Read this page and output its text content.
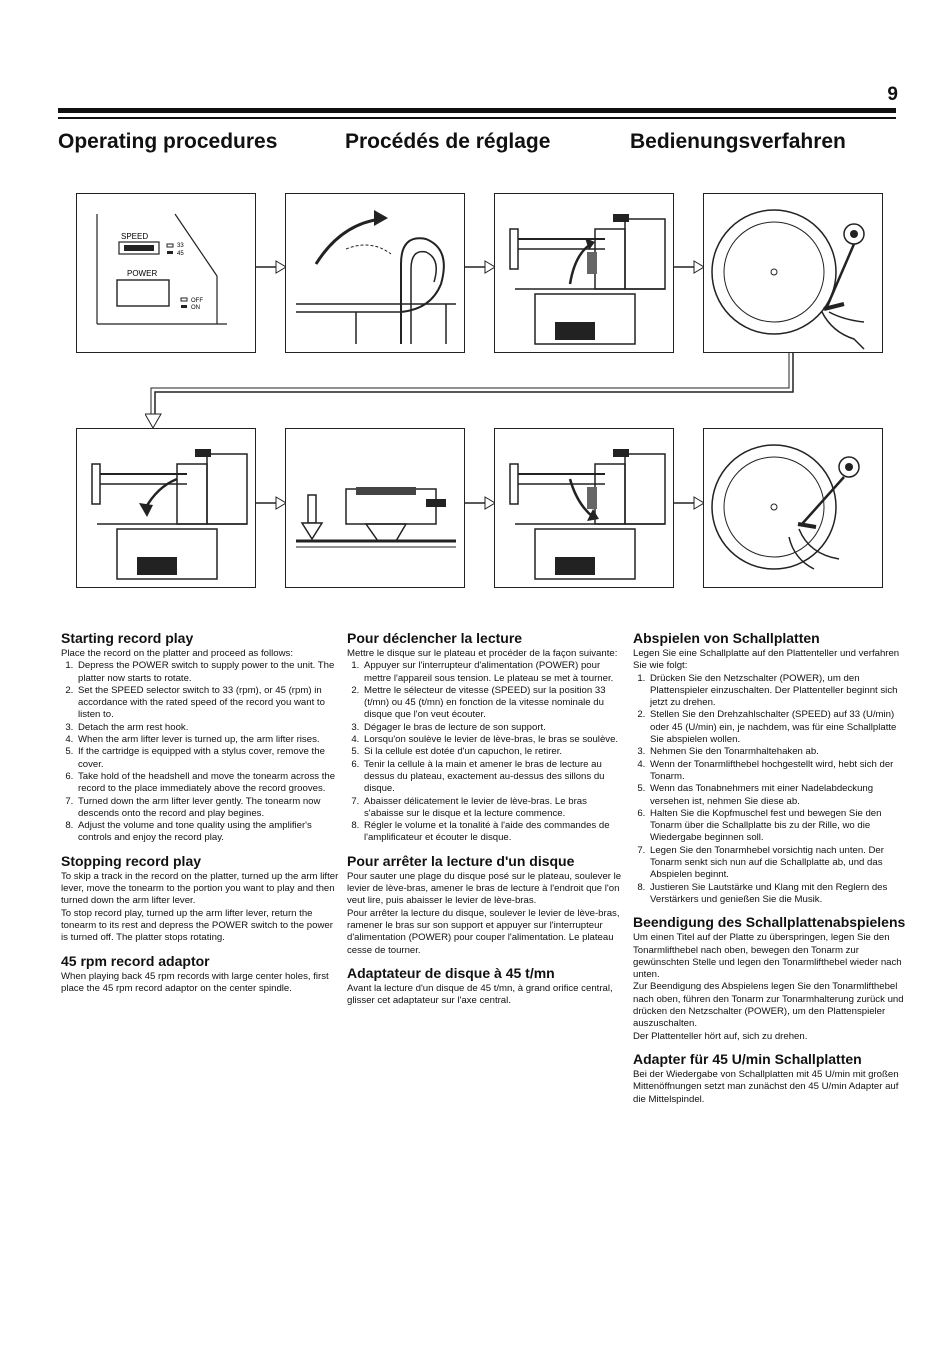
9
Operating procedures	Procédés de réglage	Bedienungsverfahren
SPEED
33
45
POWER
OFF
ON
Starting record play

Place the record on the platter and proceed as follows:

1. Depress the POWER switch to supply power to the unit. The platter now starts to rotate.
2. Set the SPEED selector switch to 33 (rpm), or 45 (rpm) in accordance with the rated speed of the record you want to listen to.
3. Detach the arm rest hook.
4. When the arm lifter lever is turned up, the arm lifter rises.
5. If the cartridge is equipped with a stylus cover, remove the cover.
6. Take hold of the headshell and move the tonearm across the record to the place immediately above the record grooves.
7. Turned down the arm lifter lever gently. The tonearm now descends onto the record and play begines.
8. Adjust the volume and tone quality using the amplifier's controls and enjoy the record play.
Stopping record play

To skip a track in the record on the platter, turned up the arm lifter lever, move the tonearm to the portion you want to play and then turned down the arm lifter lever.

To stop record play, turned up the arm lifter lever, return the tonearm to its rest and depress the POWER switch to the power is turned off. The platter stops rotating.

45 rpm record adaptor

When playing back 45 rpm records with large center holes, first place the 45 rpm record adaptor on the center spindle.

Pour déclencher la lecture

Mettre le disque sur le plateau et procéder de la façon suivante:

1. Appuyer sur l'interrupteur d'alimentation (POWER) pour mettre l'appareil sous tension. Le plateau se met à tourner.
2. Mettre le sélecteur de vitesse (SPEED) sur la position 33 (t/mn) ou 45 (t/mn) en fonction de la vitesse nominale du disque que l'on veut écouter.
3. Dégager le bras de lecture de son support.
4. Lorsqu'on soulève le levier de lève-bras, le bras se soulève.
5. Si la cellule est dotée d'un capuchon, le retirer.
6. Tenir la cellule à la main et amener le bras de lecture au dessus du plateau, exactement au-dessus des sillons du disque.
7. Abaisser délicatement le levier de lève-bras. Le bras s'abaisse sur le disque et la lecture commence.
8. Régler le volume et la tonalité à l'aide des commandes de l'amplificateur et écouter le disque.
Pour arrêter la lecture d'un disque

Pour sauter une plage du disque posé sur le plateau, soulever le levier de lève-bras, amener le bras de lecture à l'endroit que l'on veut lire, puis abaisser le levier de lève-bras.

Pour arrêter la lecture du disque, soulever le levier de lève-bras, ramener le bras sur son support et appuyer sur l'interrupteur d'alimentation (POWER) pour couper l'alimentation. Le plateau cesse de tourner.

Adaptateur de disque à 45 t/mn

Avant la lecture d'un disque de 45 t/mn, à grand orifice central, glisser cet adaptateur sur l'axe central.

Abspielen von Schallplatten

Legen Sie eine Schallplatte auf den Plattenteller und verfahren Sie wie folgt:

1. Drücken Sie den Netzschalter (POWER), um den Plattenspieler einzuschalten. Der Plattenteller beginnt sich jetzt zu drehen.
2. Stellen Sie den Drehzahlschalter (SPEED) auf 33 (U/min) oder 45 (U/min) ein, je nachdem, was für eine Schallplatte Sie abspielen wollen.
3. Nehmen Sie den Tonarmhaltehaken ab.
4. Wenn der Tonarmlifthebel hochgestellt wird, hebt sich der Tonarm.
5. Wenn das Tonabnehmers mit einer Nadelabdeckung versehen ist, nehmen Sie diese ab.
6. Halten Sie die Kopfmuschel fest und bewegen Sie den Tonarm über die Schallplatte bis zu der Rille, wo die Wiedergabe beginnen soll.
7. Legen Sie den Tonarmhebel vorsichtig nach unten. Der Tonarm senkt sich nun auf die Schallplatte ab, und das Abspielen beginnt.
8. Justieren Sie Lautstärke und Klang mit den Reglern des Verstärkers und genießen Sie die Musik.
Beendigung des Schallplattenabspielens

Um einen Titel auf der Platte zu überspringen, legen Sie den Tonarmlifthebel nach oben, bewegen den Tonarm zur gewünschten Stelle und legen den Tonarmlifthebel wieder nach unten.

Zur Beendigung des Abspielens legen Sie den Tonarmlifthebel nach oben, führen den Tonarm zur Tonarmhalterung zurück und drücken den Netzschalter (POWER), um den Plattenspieler auszuschalten.

Der Plattenteller hört auf, sich zu drehen.

Adapter für 45 U/min Schallplatten

Bei der Wiedergabe von Schallplatten mit 45 U/min mit großen Mittenöffnungen setzt man zunächst den 45 U/min Adapter auf die Mittelspindel.
